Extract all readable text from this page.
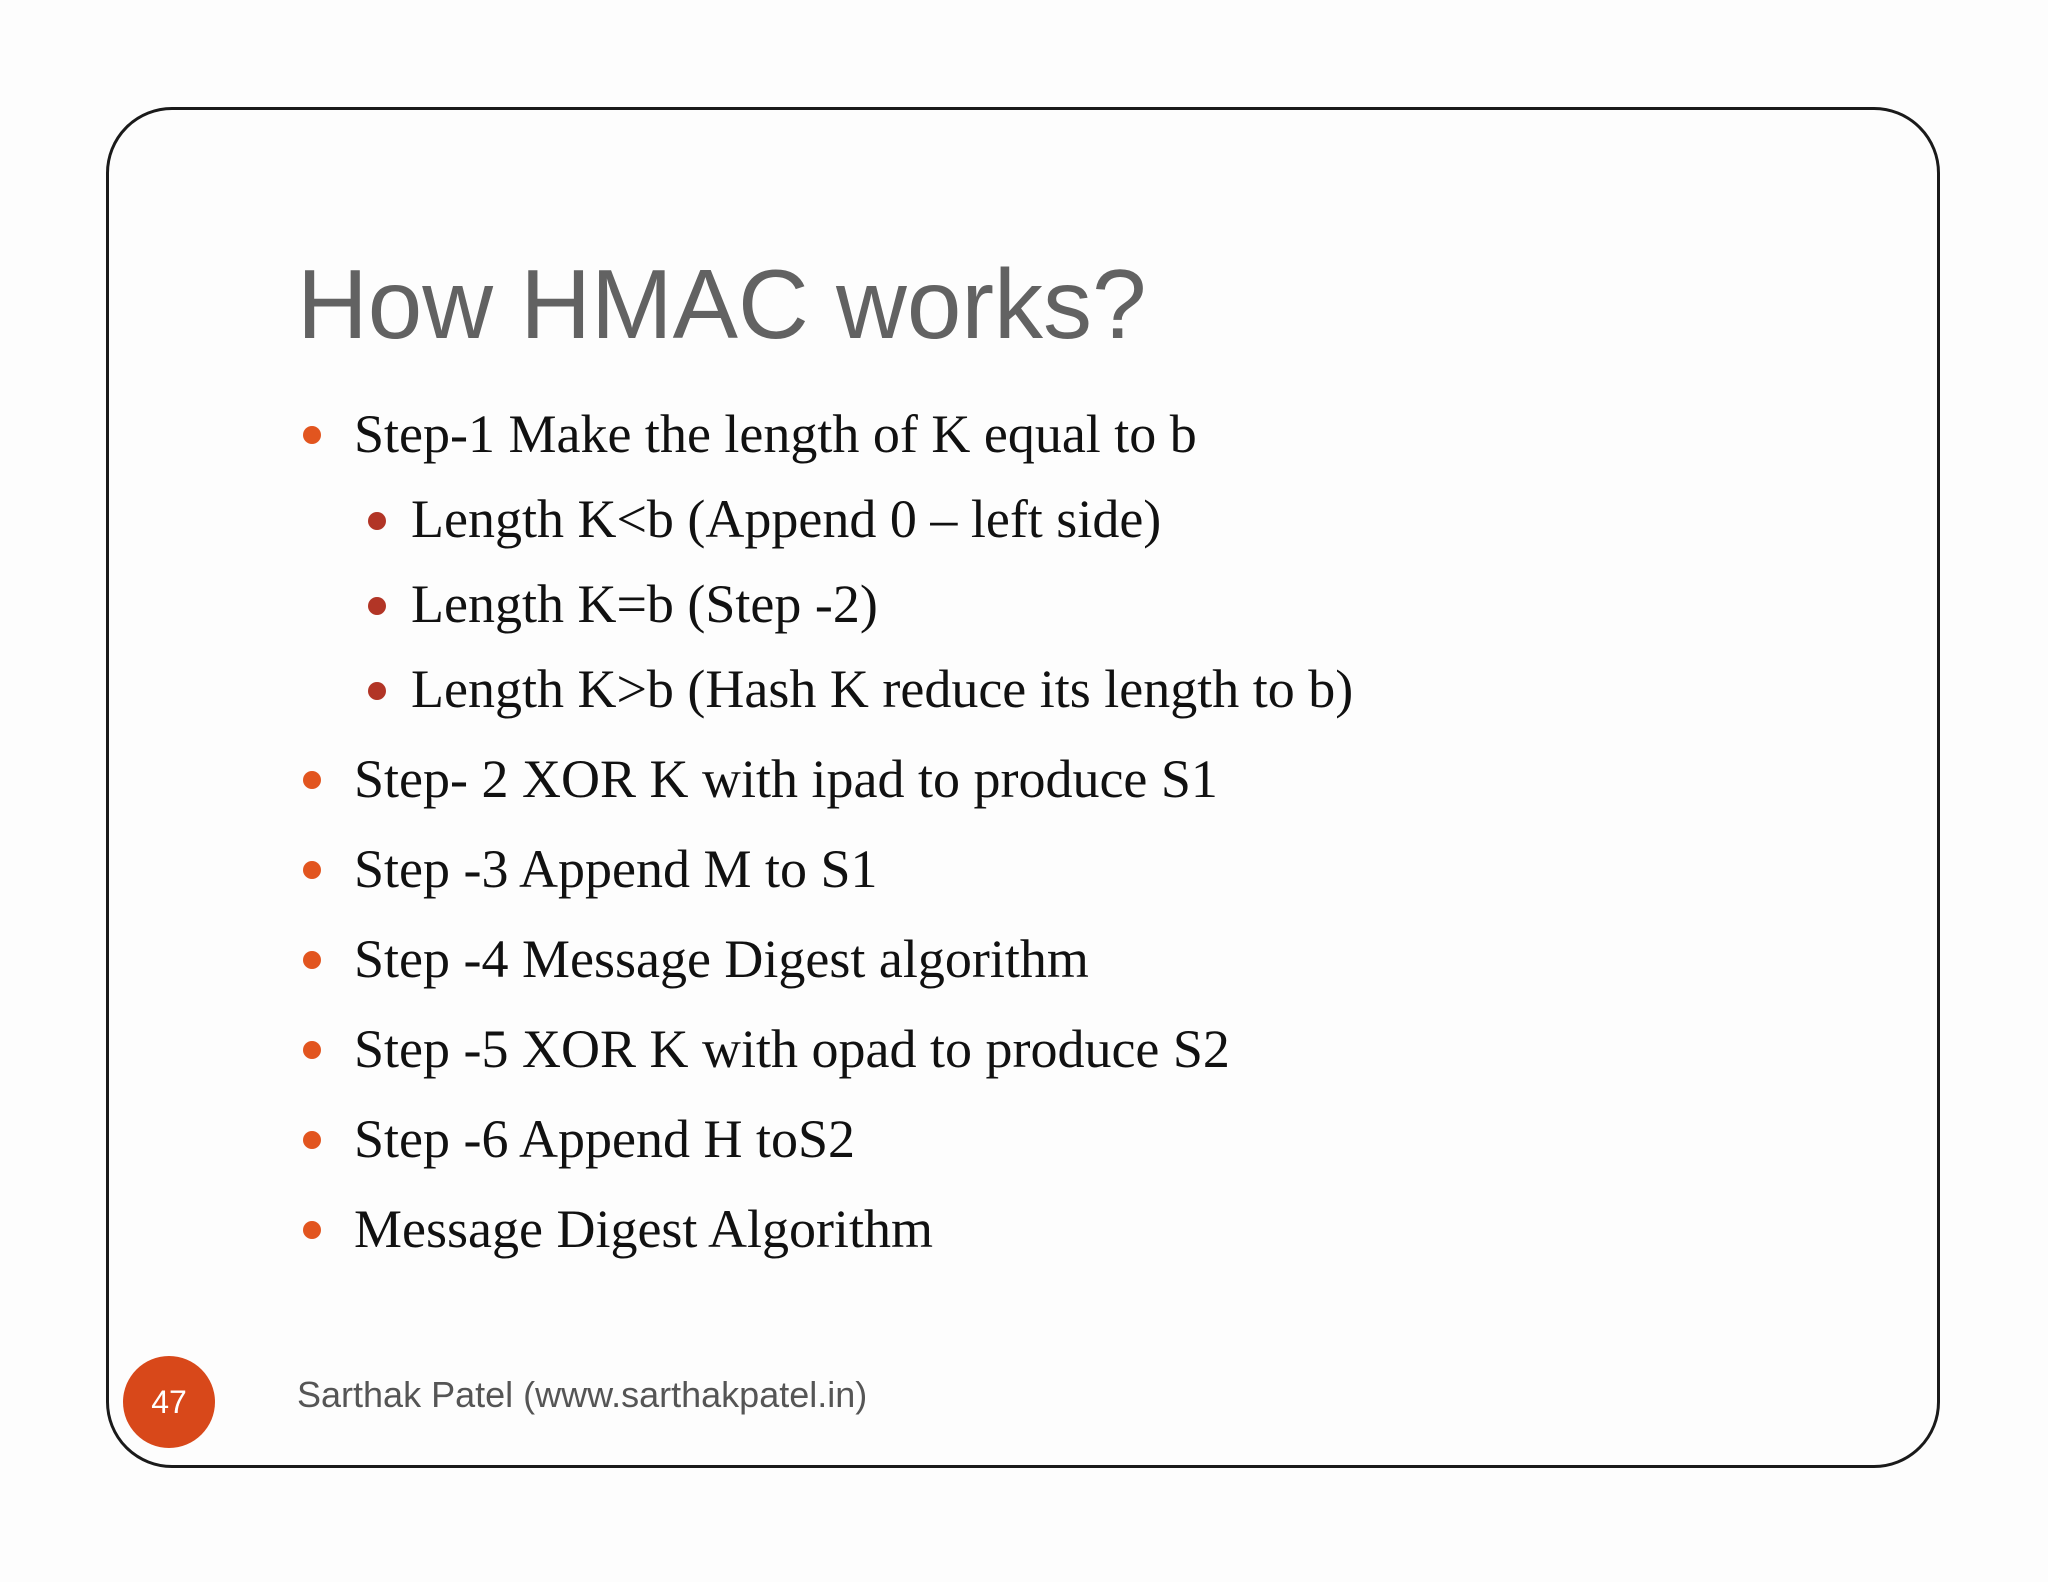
How HMAC works?
Step-1 Make the length of K equal to b
Length K<b (Append 0 – left side)
Length K=b (Step -2)
Length K>b (Hash K reduce its length to b)
Step- 2 XOR K with ipad to produce S1
Step -3 Append M to S1
Step -4 Message Digest algorithm
Step -5 XOR K with opad to produce S2
Step -6 Append H toS2
Message Digest Algorithm
47	Sarthak Patel (www.sarthakpatel.in)
